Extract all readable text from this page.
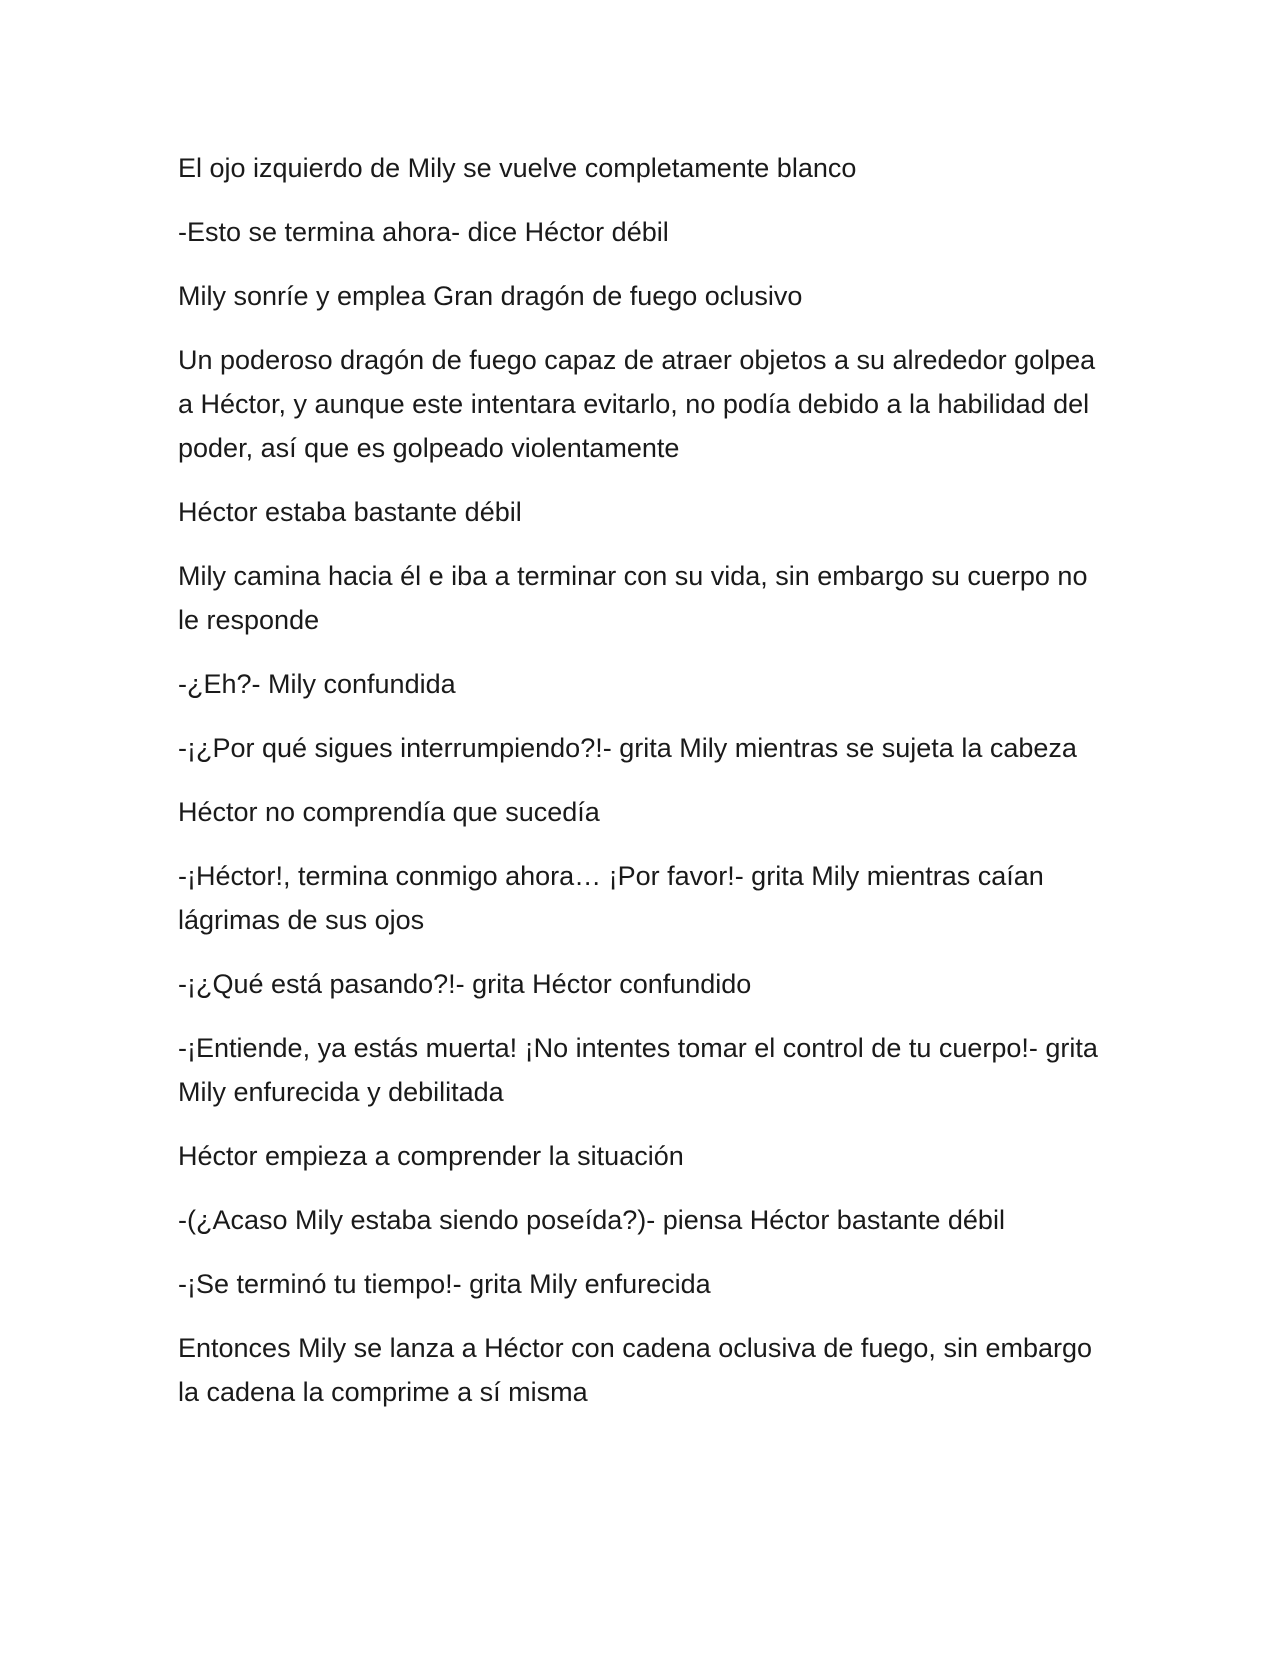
El ojo izquierdo de Mily se vuelve completamente blanco

-Esto se termina ahora- dice Héctor débil

Mily sonríe y emplea Gran dragón de fuego oclusivo

Un poderoso dragón de fuego capaz de atraer objetos a su alrededor golpea a Héctor, y aunque este intentara evitarlo, no podía debido a la habilidad del poder, así que es golpeado violentamente

Héctor estaba bastante débil

Mily camina hacia él e iba a terminar con su vida, sin embargo su cuerpo no le responde

-¿Eh?- Mily confundida

-¡¿Por qué sigues interrumpiendo?!- grita Mily mientras se sujeta la cabeza

Héctor no comprendía que sucedía

-¡Héctor!, termina conmigo ahora… ¡Por favor!- grita Mily mientras caían lágrimas de sus ojos

-¡¿Qué está pasando?!- grita Héctor confundido

-¡Entiende, ya estás muerta! ¡No intentes tomar el control de tu cuerpo!- grita Mily enfurecida y debilitada

Héctor empieza a comprender la situación

-(¿Acaso Mily estaba siendo poseída?)- piensa Héctor bastante débil

-¡Se terminó tu tiempo!- grita Mily enfurecida

Entonces Mily se lanza a Héctor con cadena oclusiva de fuego, sin embargo la cadena la comprime a sí misma
